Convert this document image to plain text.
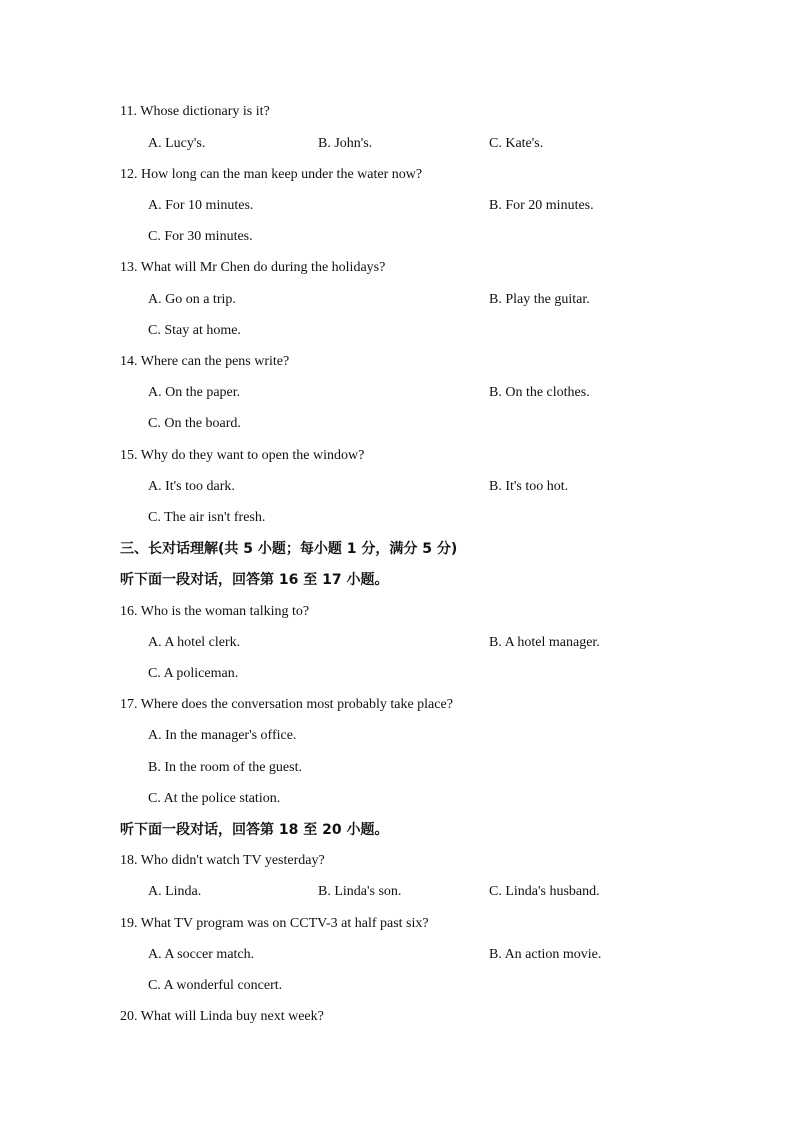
11. Whose dictionary is it?
A. Lucy's.	B. John's.	C. Kate's.
12. How long can the man keep under the water now?
A. For 10 minutes.	B. For 20 minutes.
C. For 30 minutes.
13. What will Mr Chen do during the holidays?
A. Go on a trip.	B. Play the guitar.
C. Stay at home.
14. Where can the pens write?
A. On the paper.	B. On the clothes.
C. On the board.
15. Why do they want to open the window?
A. It's too dark.	B. It's too hot.
C. The air isn't fresh.
三、长对话理解(共 5 小题；每小题 1 分，满分 5 分)
听下面一段对话，回答第 16 至 17 小题。
16. Who is the woman talking to?
A. A hotel clerk.	B. A hotel manager.
C. A policeman.
17. Where does the conversation most probably take place?
A. In the manager's office.
B. In the room of the guest.
C. At the police station.
听下面一段对话，回答第 18 至 20 小题。
18. Who didn't watch TV yesterday?
A. Linda.	B. Linda's son.	C. Linda's husband.
19. What TV program was on CCTV-3 at half past six?
A. A soccer match.	B. An action movie.
C. A wonderful concert.
20. What will Linda buy next week?
